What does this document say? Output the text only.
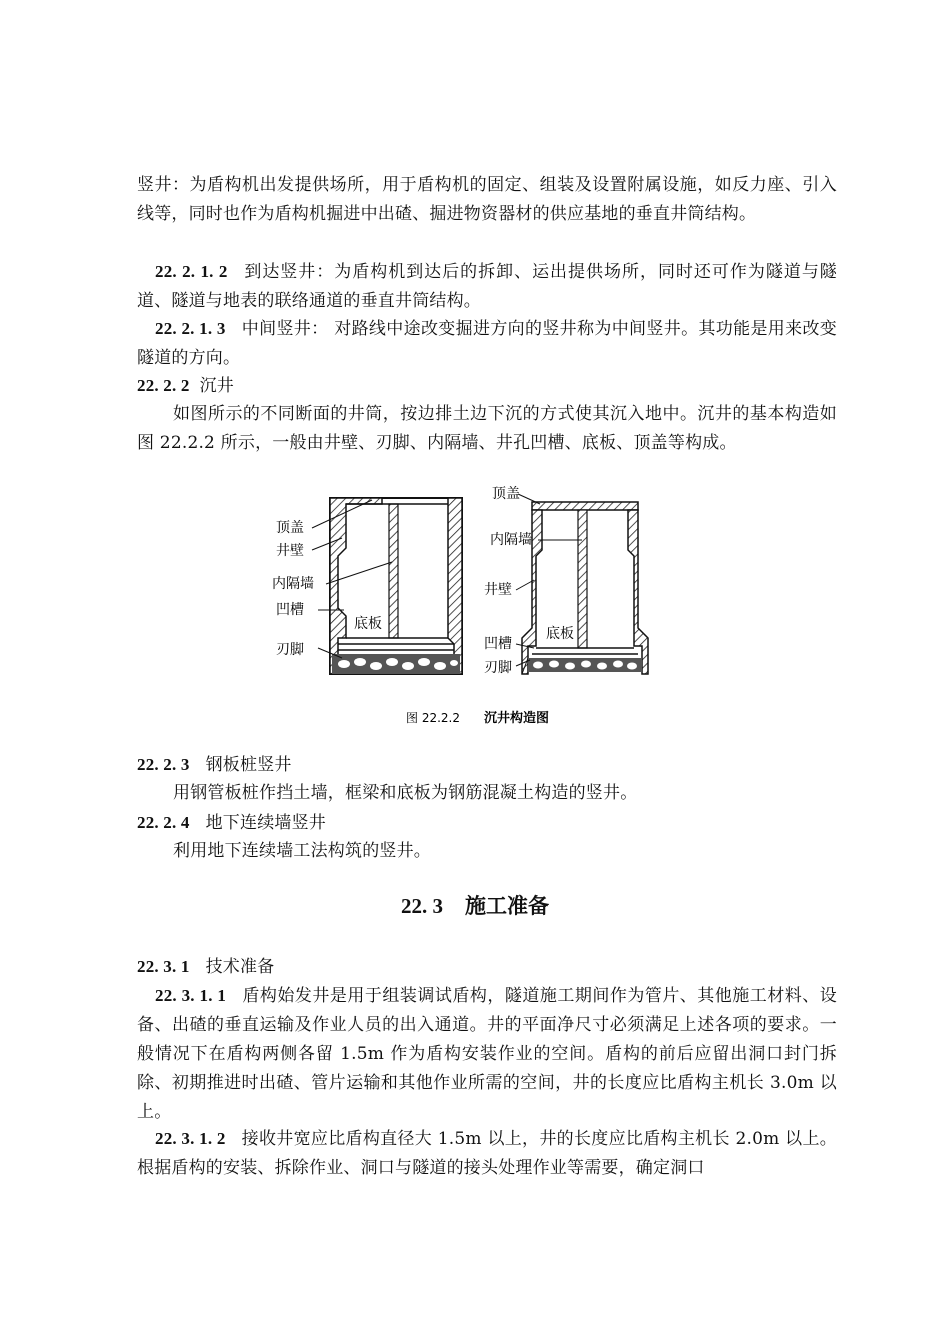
竖井：为盾构机出发提供场所，用于盾构机的固定、组装及设置附属设施，如反力座、引入线等，同时也作为盾构机掘进中出碴、掘进物资器材的供应基地的垂直井筒结构。
22. 2. 1. 2 到达竖井：为盾构机到达后的拆卸、运出提供场所，同时还可作为隧道与隧道、隧道与地表的联络通道的垂直井筒结构。
22. 2. 1. 3 中间竖井： 对路线中途改变掘进方向的竖井称为中间竖井。其功能是用来改变隧道的方向。
22. 2. 2 沉井
如图所示的不同断面的井筒，按边排土边下沉的方式使其沉入地中。沉井的基本构造如图 22.2.2 所示，一般由井壁、刃脚、内隔墙、井孔凹槽、底板、顶盖等构成。
顶盖
井壁
内隔墙
凹槽
底板
刃脚
顶盖
内隔墙
井壁
凹槽
底板
刃脚
图 22.2.2 沉井构造图
22. 2. 3 钢板桩竖井
用钢管板桩作挡土墙，框梁和底板为钢筋混凝土构造的竖井。
22. 2. 4 地下连续墙竖井
利用地下连续墙工法构筑的竖井。
22. 3 施工准备
22. 3. 1 技术准备
22. 3. 1. 1 盾构始发井是用于组装调试盾构，隧道施工期间作为管片、其他施工材料、设备、出碴的垂直运输及作业人员的出入通道。井的平面净尺寸必须满足上述各项的要求。一般情况下在盾构两侧各留 1.5m 作为盾构安装作业的空间。盾构的前后应留出洞口封门拆除、初期推进时出碴、管片运输和其他作业所需的空间，井的长度应比盾构主机长 3.0m 以上。
22. 3. 1. 2 接收井宽应比盾构直径大 1.5m 以上，井的长度应比盾构主机长 2.0m 以上。根据盾构的安装、拆除作业、洞口与隧道的接头处理作业等需要，确定洞口
